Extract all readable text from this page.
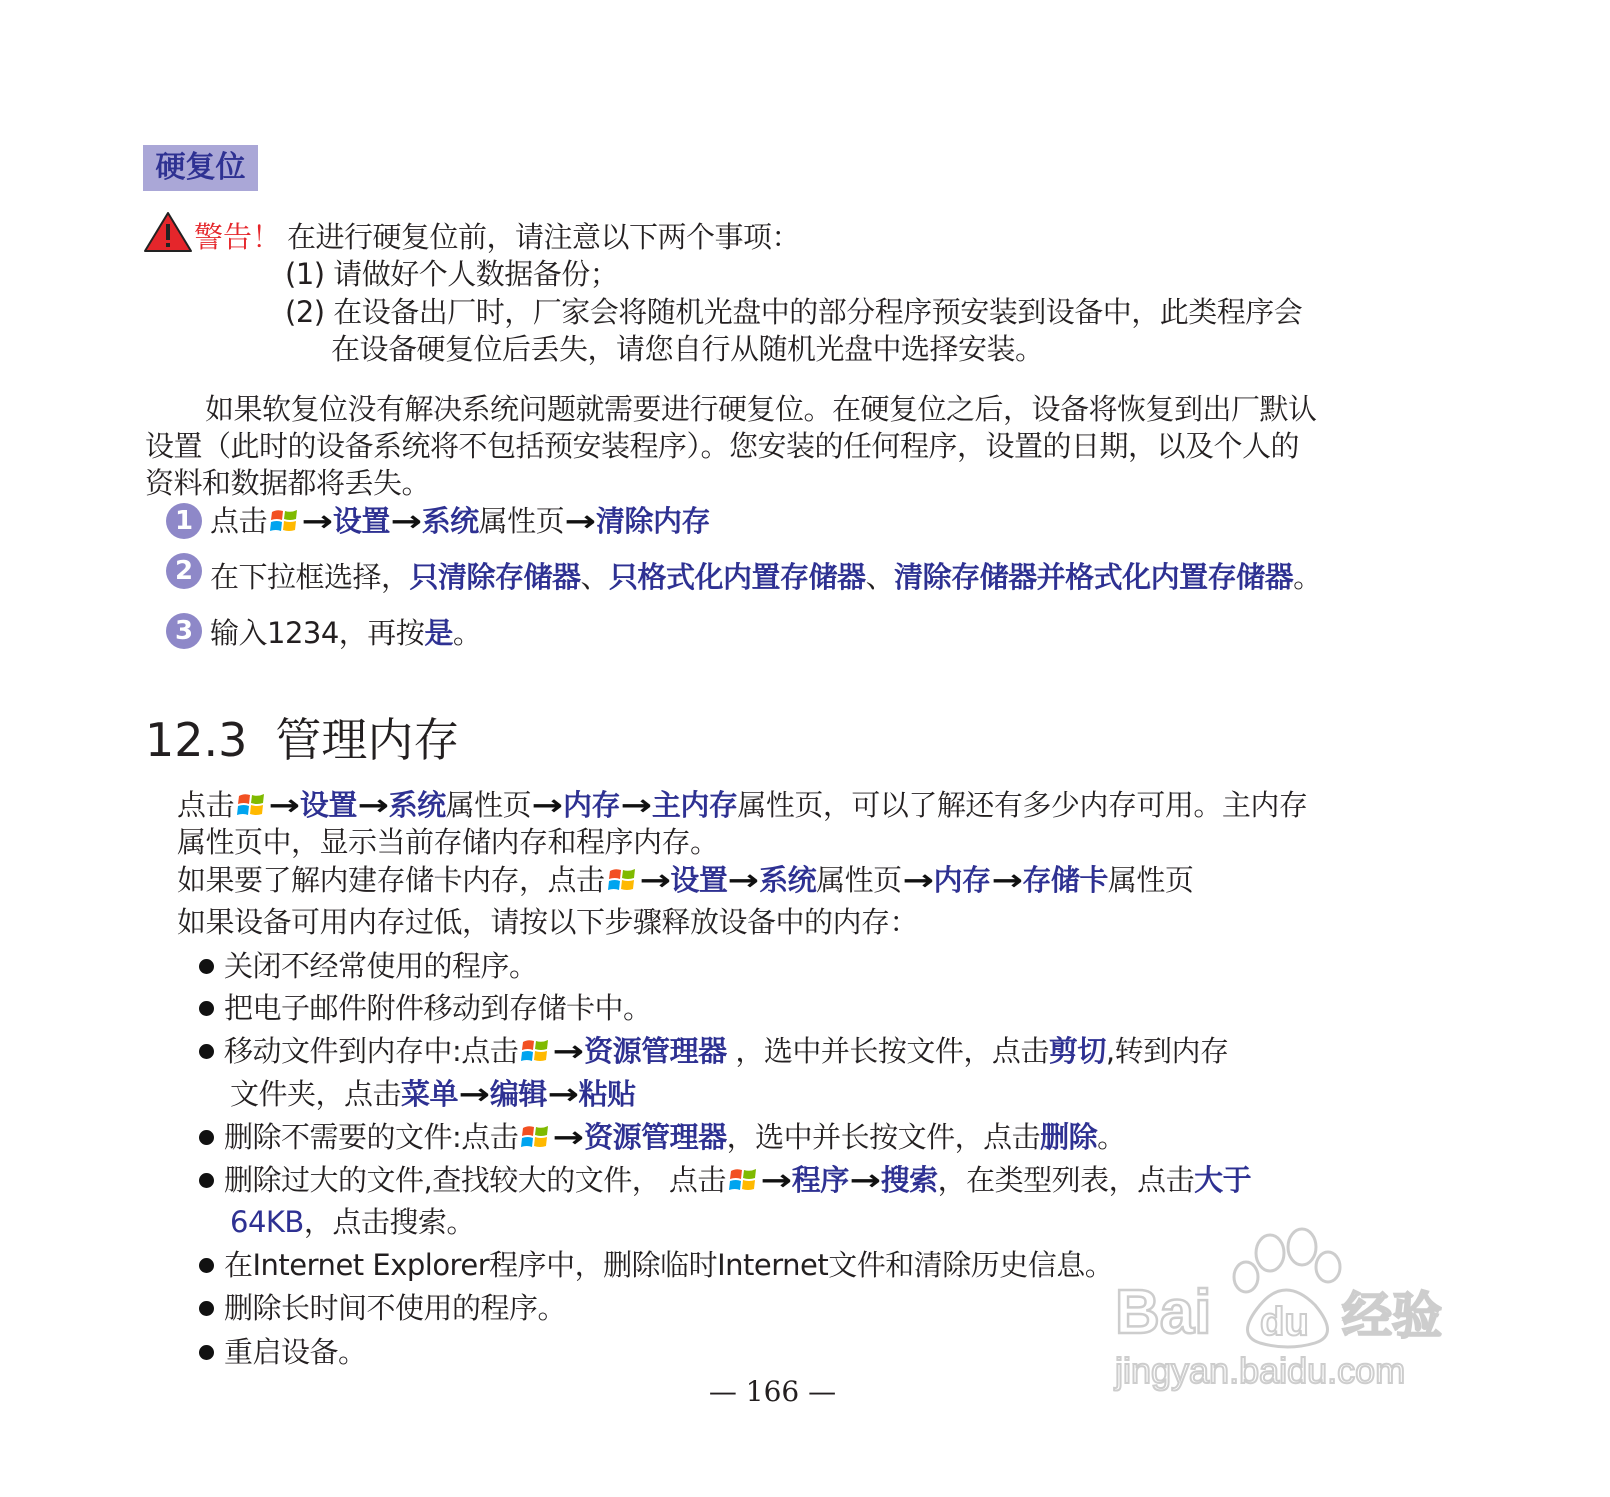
硬复位
警告！ 在进行硬复位前，请注意以下两个事项：
(1) 请做好个人数据备份；
(2) 在设备出厂时，厂家会将随机光盘中的部分程序预安装到设备中，此类程序会
在设备硬复位后丢失，请您自行从随机光盘中选择安装。
如果软复位没有解决系统问题就需要进行硬复位。在硬复位之后，设备将恢复到出厂默认
设置（此时的设备系统将不包括预安装程序）。您安装的任何程序，设置的日期，以及个人的
资料和数据都将丢失。
1 点击 →设置→系统属性页→清除内存
2 在下拉框选择，只清除存储器、只格式化内置存储器、清除存储器并格式化内置存储器。
3 输入1234，再按是。
12.3 管理内存
点击 →设置→系统属性页→内存→主内存属性页，可以了解还有多少内存可用。主内存
属性页中，显示当前存储内存和程序内存。
如果要了解内建存储卡内存，点击 →设置→系统属性页→内存→存储卡属性页
如果设备可用内存过低，请按以下步骤释放设备中的内存：
关闭不经常使用的程序。
把电子邮件附件移动到存储卡中。
移动文件到内存中:点击 →资源管理器 ，选中并长按文件，点击剪切,转到内存
文件夹，点击菜单→编辑→粘贴
删除不需要的文件:点击 →资源管理器，选中并长按文件，点击删除。
删除过大的文件,查找较大的文件， 点击 →程序→搜索，在类型列表，点击大于
64KB，点击搜索。
在Internet Explorer程序中，删除临时Internet文件和清除历史信息。
删除长时间不使用的程序。
重启设备。
— 166 —
Bai du 经验
jingyan.baidu.com
